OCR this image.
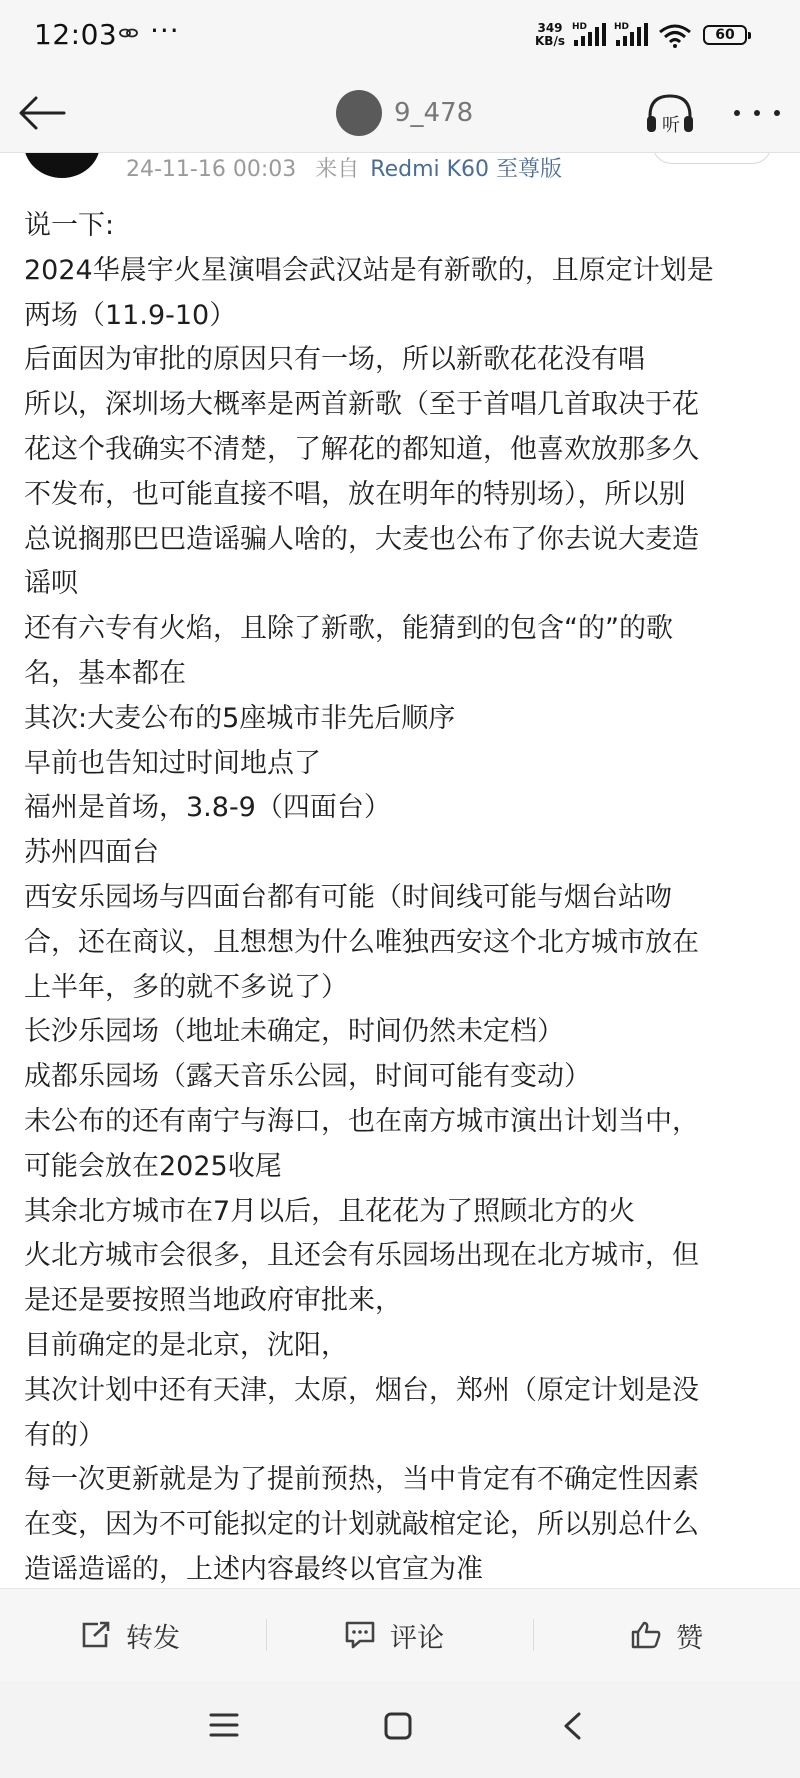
12:03 ···	349
KB/s
HD	HD	60
9_478	听
24-11-16 00:03 来自 Redmi K60 至尊版
说一下:
2024华晨宇火星演唱会武汉站是有新歌的，且原定计划是
两场（11.9-10）
后面因为审批的原因只有一场，所以新歌花花没有唱
所以，深圳场大概率是两首新歌（至于首唱几首取决于花
花这个我确实不清楚，了解花的都知道，他喜欢放那多久
不发布，也可能直接不唱，放在明年的特别场），所以别
总说搁那巴巴造谣骗人啥的，大麦也公布了你去说大麦造
谣呗
还有六专有火焰，且除了新歌，能猜到的包含“的”的歌
名，基本都在
其次:大麦公布的5座城市非先后顺序
早前也告知过时间地点了
福州是首场，3.8-9（四面台）
苏州四面台
西安乐园场与四面台都有可能（时间线可能与烟台站吻
合，还在商议，且想想为什么唯独西安这个北方城市放在
上半年，多的就不多说了）
长沙乐园场（地址未确定，时间仍然未定档）
成都乐园场（露天音乐公园，时间可能有变动）
未公布的还有南宁与海口，也在南方城市演出计划当中，
可能会放在2025收尾
其余北方城市在7月以后，且花花为了照顾北方的火
火北方城市会很多，且还会有乐园场出现在北方城市，但
是还是要按照当地政府审批来，
目前确定的是北京，沈阳，
其次计划中还有天津，太原，烟台，郑州（原定计划是没
有的）
每一次更新就是为了提前预热，当中肯定有不确定性因素
在变，因为不可能拟定的计划就敲棺定论，所以别总什么
造谣造谣的，上述内容最终以官宣为准
转发	评论	赞
